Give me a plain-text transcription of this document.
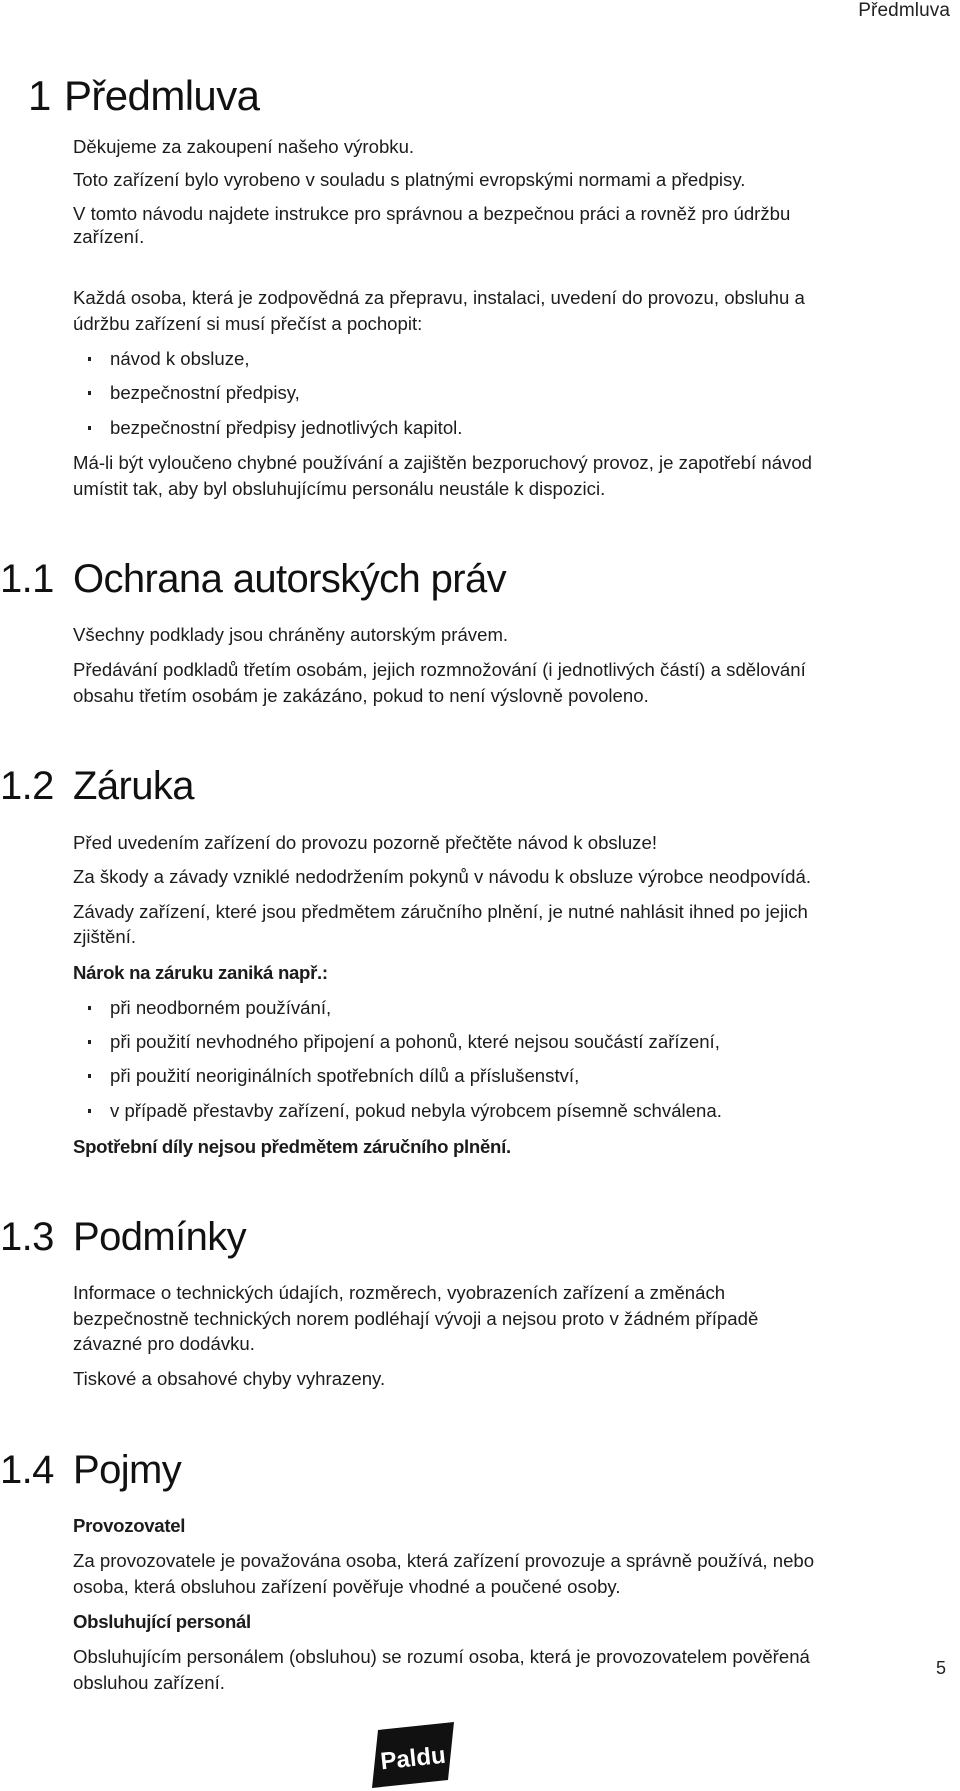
Předmluva
1 Předmluva

Děkujeme za zakoupení našeho výrobku.

Toto zařízení bylo vyrobeno v souladu s platnými evropskými normami a předpisy.

V tomto návodu najdete instrukce pro správnou a bezpečnou práci a rovněž pro údržbu

zařízení.

Každá osoba, která je zodpovědná za přepravu, instalaci, uvedení do provozu, obsluhu a

údržbu zařízení si musí přečíst a pochopit:

návod k obsluze,
bezpečnostní předpisy,
bezpečnostní předpisy jednotlivých kapitol.

Má-li být vyloučeno chybné používání a zajištěn bezporuchový provoz, je zapotřebí návod

umístit tak, aby byl obsluhujícímu personálu neustále k dispozici.

1.1 Ochrana autorských práv

Všechny podklady jsou chráněny autorským právem.

Předávání podkladů třetím osobám, jejich rozmnožování (i jednotlivých částí) a sdělování

obsahu třetím osobám je zakázáno, pokud to není výslovně povoleno.

1.2 Záruka

Před uvedením zařízení do provozu pozorně přečtěte návod k obsluze!

Za škody a závady vzniklé nedodržením pokynů v návodu k obsluze výrobce neodpovídá.

Závady zařízení, které jsou předmětem záručního plnění, je nutné nahlásit ihned po jejich

zjištění.

Nárok na záruku zaniká např.:

při neodborném používání,
při použití nevhodného připojení a pohonů, které nejsou součástí zařízení,
při použití neoriginálních spotřebních dílů a příslušenství,
v případě přestavby zařízení, pokud nebyla výrobcem písemně schválena.

Spotřební díly nejsou předmětem záručního plnění.

1.3 Podmínky

Informace o technických údajích, rozměrech, vyobrazeních zařízení a změnách

bezpečnostně technických norem podléhají vývoji a nejsou proto v žádném případě

závazné pro dodávku.

Tiskové a obsahové chyby vyhrazeny.

1.4 Pojmy

Provozovatel

Za provozovatele je považována osoba, která zařízení provozuje a správně používá, nebo

osoba, která obsluhou zařízení pověřuje vhodné a poučené osoby.

Obsluhující personál

Obsluhujícím personálem (obsluhou) se rozumí osoba, která je provozovatelem pověřená

obsluhou zařízení.

5
Paldu
